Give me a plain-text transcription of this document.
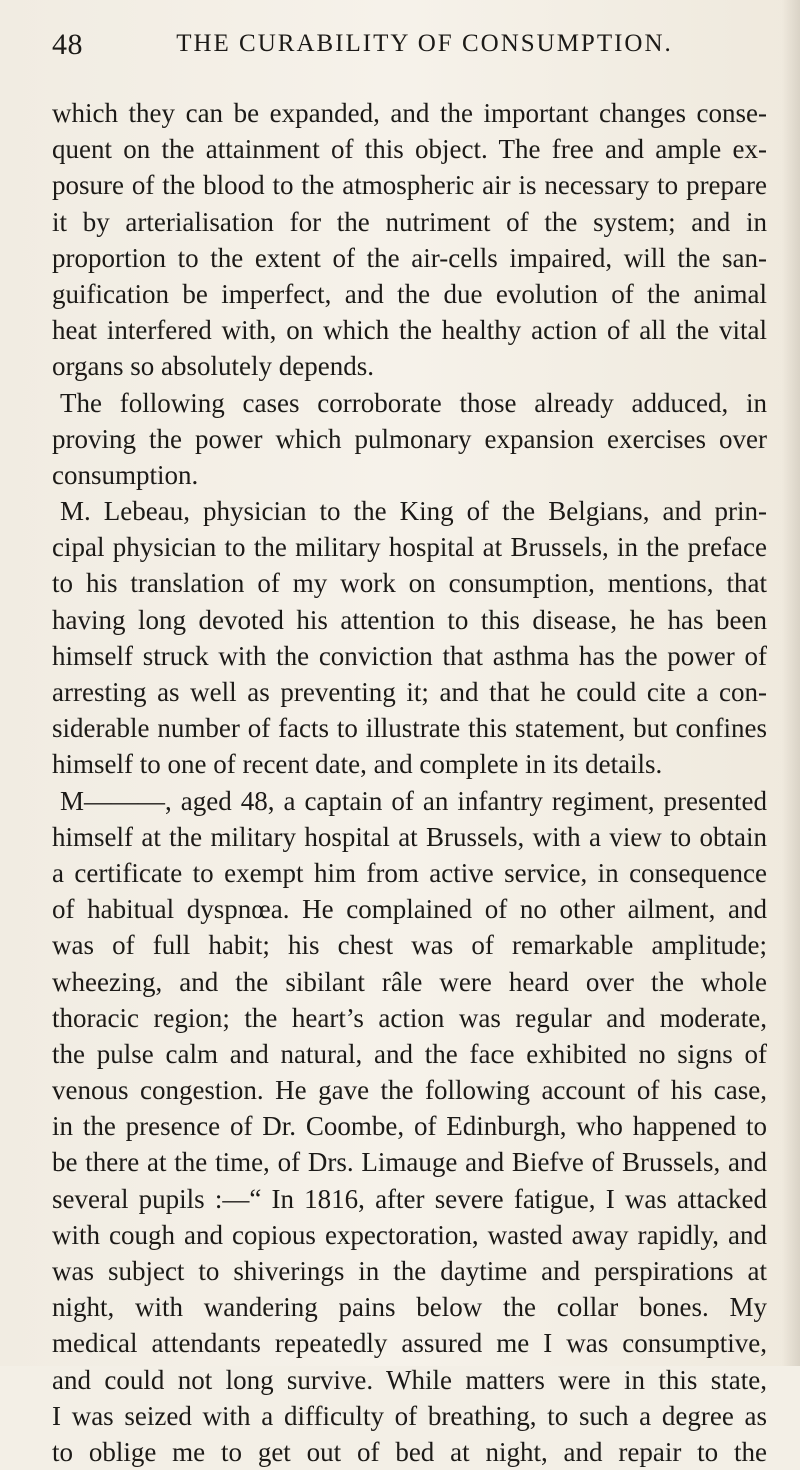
48	THE CURABILITY OF CONSUMPTION.
which they can be expanded, and the important changes conse-
quent on the attainment of this object. The free and ample ex-
posure of the blood to the atmospheric air is necessary to prepare
it by arterialisation for the nutriment of the system; and in
proportion to the extent of the air-cells impaired, will the san-
guification be imperfect, and the due evolution of the animal
heat interfered with, on which the healthy action of all the vital
organs so absolutely depends.
The following cases corroborate those already adduced, in
proving the power which pulmonary expansion exercises over
consumption.
M. Lebeau, physician to the King of the Belgians, and prin-
cipal physician to the military hospital at Brussels, in the preface
to his translation of my work on consumption, mentions, that
having long devoted his attention to this disease, he has been
himself struck with the conviction that asthma has the power of
arresting as well as preventing it; and that he could cite a con-
siderable number of facts to illustrate this statement, but confines
himself to one of recent date, and complete in its details.
M———, aged 48, a captain of an infantry regiment, presented
himself at the military hospital at Brussels, with a view to obtain
a certificate to exempt him from active service, in consequence
of habitual dyspnœa. He complained of no other ailment, and
was of full habit; his chest was of remarkable amplitude;
wheezing, and the sibilant râle were heard over the whole
thoracic region; the heart’s action was regular and moderate,
the pulse calm and natural, and the face exhibited no signs of
venous congestion. He gave the following account of his case,
in the presence of Dr. Coombe, of Edinburgh, who happened to
be there at the time, of Drs. Limauge and Biefve of Brussels, and
several pupils :—“ In 1816, after severe fatigue, I was attacked
with cough and copious expectoration, wasted away rapidly, and
was subject to shiverings in the daytime and perspirations at
night, with wandering pains below the collar bones. My
medical attendants repeatedly assured me I was consumptive,
and could not long survive. While matters were in this state,
I was seized with a difficulty of breathing, to such a degree as
to oblige me to get out of bed at night, and repair to the
